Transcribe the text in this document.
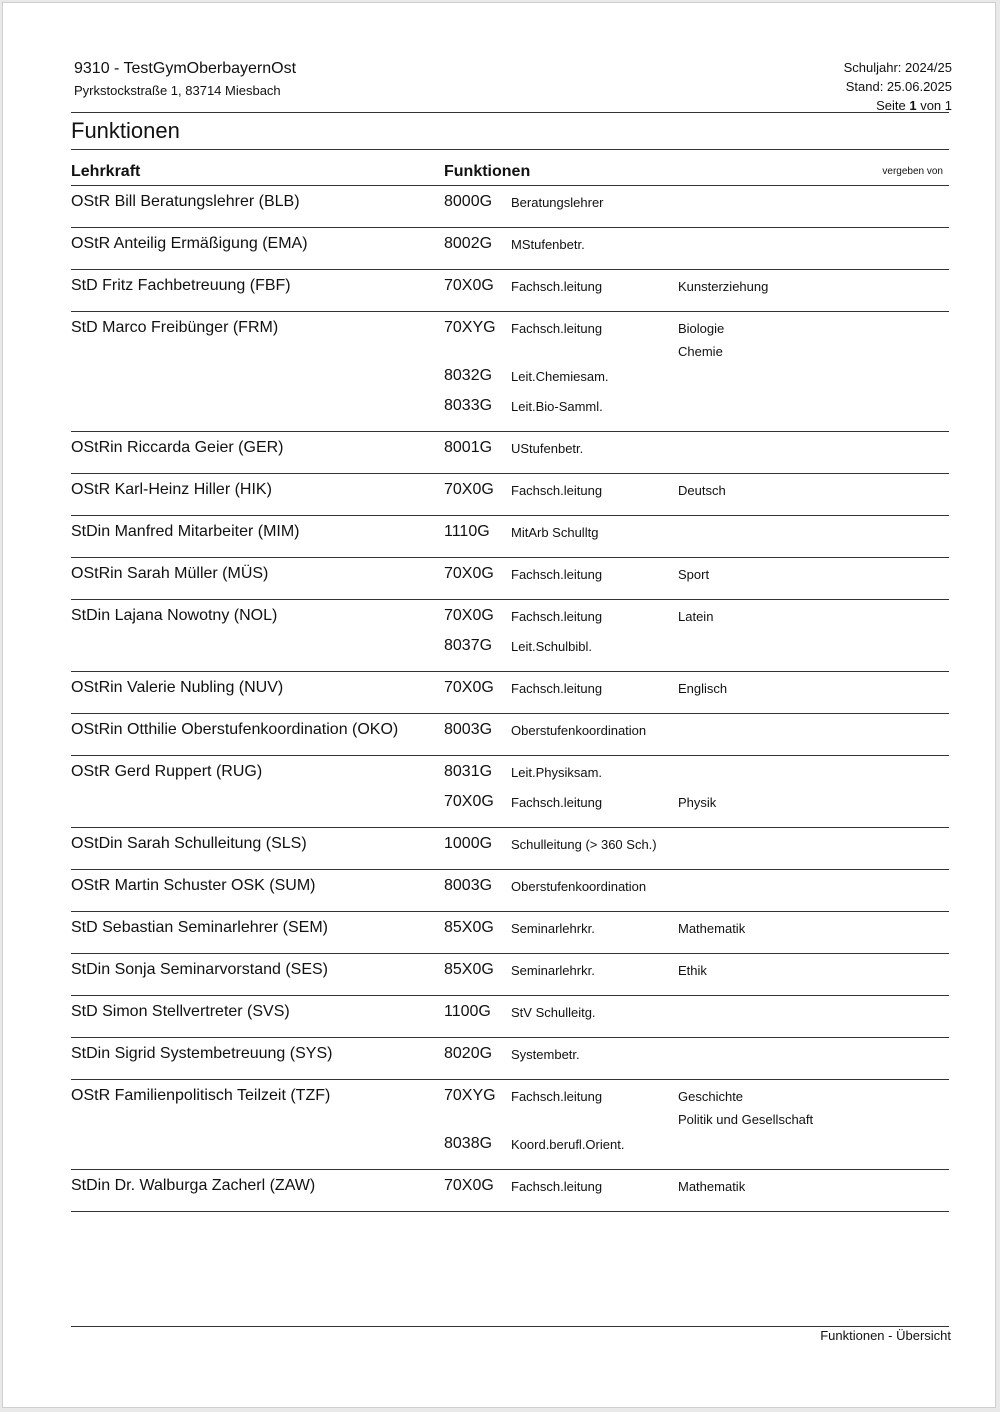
9310 - TestGymOberbayernOst
Pyrkstockstraße 1, 83714 Miesbach
Schuljahr: 2024/25
Stand: 25.06.2025
Seite 1 von 1
Funktionen
Lehrkraft	Funktionen	vergeben von
OStR Bill Beratungslehrer (BLB)	8000G	Beratungslehrer
OStR Anteilig Ermäßigung (EMA)	8002G	MStufenbetr.
StD Fritz Fachbetreuung (FBF)	70X0G	Fachsch.leitung	Kunsterziehung
StD Marco Freibünger (FRM)	70XYG	Fachsch.leitung	Biologie
Chemie
8032G	Leit.Chemiesam.
8033G	Leit.Bio-Samml.
OStRin Riccarda Geier (GER)	8001G	UStufenbetr.
OStR Karl-Heinz Hiller (HIK)	70X0G	Fachsch.leitung	Deutsch
StDin Manfred Mitarbeiter (MIM)	1110G	MitArb Schulltg
OStRin Sarah Müller (MÜS)	70X0G	Fachsch.leitung	Sport
StDin Lajana Nowotny (NOL)	70X0G	Fachsch.leitung	Latein
8037G	Leit.Schulbibl.
OStRin Valerie Nubling (NUV)	70X0G	Fachsch.leitung	Englisch
OStRin Otthilie Oberstufenkoordination (OKO)	8003G	Oberstufenkoordination
OStR Gerd Ruppert (RUG)	8031G	Leit.Physiksam.
70X0G	Fachsch.leitung	Physik
OStDin Sarah Schulleitung (SLS)	1000G	Schulleitung (> 360 Sch.)
OStR Martin Schuster OSK (SUM)	8003G	Oberstufenkoordination
StD Sebastian Seminarlehrer (SEM)	85X0G	Seminarlehrkr.	Mathematik
StDin Sonja Seminarvorstand (SES)	85X0G	Seminarlehrkr.	Ethik
StD Simon Stellvertreter (SVS)	1100G	StV Schulleitg.
StDin Sigrid Systembetreuung (SYS)	8020G	Systembetr.
OStR Familienpolitisch Teilzeit (TZF)	70XYG	Fachsch.leitung	Geschichte
Politik und Gesellschaft
8038G	Koord.berufl.Orient.
StDin Dr. Walburga Zacherl (ZAW)	70X0G	Fachsch.leitung	Mathematik
Funktionen - Übersicht
